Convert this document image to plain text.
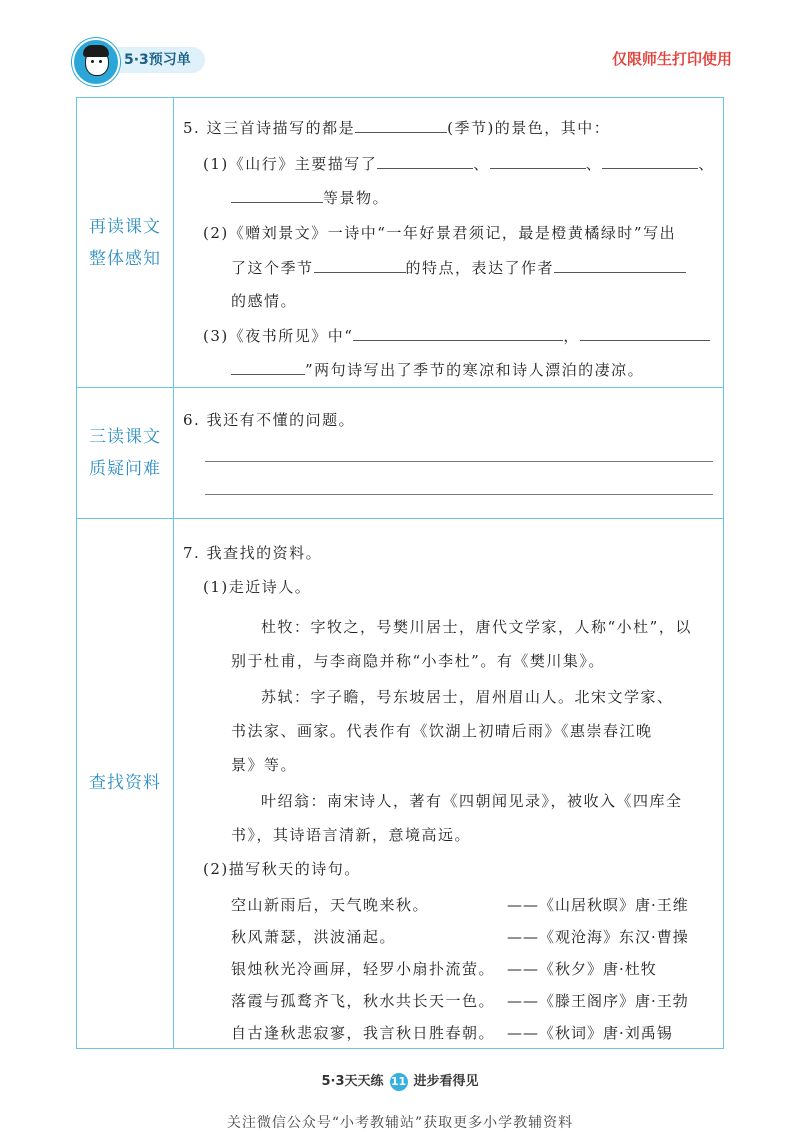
5·3预习单	仅限师生打印使用
再读课文
整体感知
5. 这三首诗描写的都是	(季节)的景色，其中：
(1)《山行》主要描写了	、	、	、
等景物。
(2)《赠刘景文》一诗中“一年好景君须记，最是橙黄橘绿时”写出
了这个季节	的特点，表达了作者
的感情。
(3)《夜书所见》中“	，
”两句诗写出了季节的寒凉和诗人漂泊的凄凉。
三读课文
质疑问难
6. 我还有不懂的问题。
查找资料
7. 我查找的资料。
(1)走近诗人。
杜牧：字牧之，号樊川居士，唐代文学家，人称“小杜”，以
别于杜甫，与李商隐并称“小李杜”。有《樊川集》。
苏轼：字子瞻，号东坡居士，眉州眉山人。北宋文学家、
书法家、画家。代表作有《饮湖上初晴后雨》《惠崇春江晚
景》等。
叶绍翁：南宋诗人，著有《四朝闻见录》，被收入《四库全
书》，其诗语言清新，意境高远。
(2)描写秋天的诗句。
空山新雨后，天气晚来秋。	——《山居秋暝》唐·王维
秋风萧瑟，洪波涌起。	——《观沧海》东汉·曹操
银烛秋光冷画屏，轻罗小扇扑流萤。 ——《秋夕》唐·杜牧
落霞与孤鹜齐飞，秋水共长天一色。 ——《滕王阁序》唐·王勃
自古逢秋悲寂寥，我言秋日胜春朝。 ——《秋词》唐·刘禹锡
5·3天天练 11 进步看得见
关注微信公众号“小考教辅站”获取更多小学教辅资料
